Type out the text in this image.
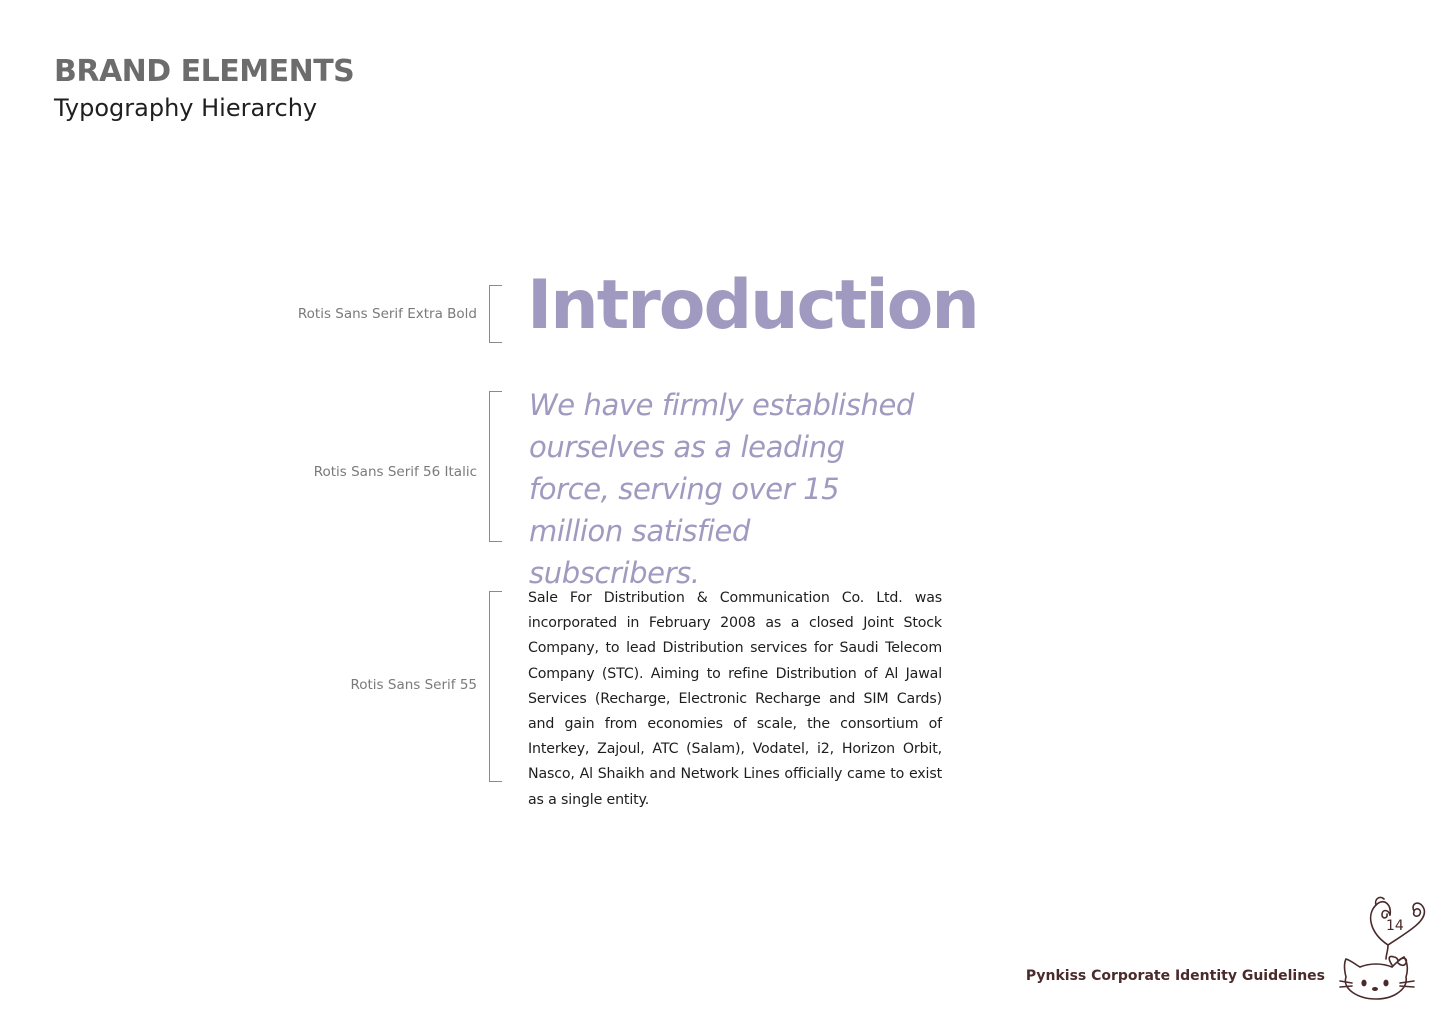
BRAND ELEMENTS
Typography Hierarchy
Rotis Sans Serif Extra Bold Introduction
Rotis Sans Serif 56 Italic
We have firmly established ourselves as a leading force, serving over 15 million satisfied subscribers.
Rotis Sans Serif 55
Sale For Distribution & Communication Co. Ltd. was incorporated in February 2008 as a closed Joint Stock Company, to lead Distribution services for Saudi Telecom Company (STC). Aiming to refine Distribution of Al Jawal Services (Recharge, Electronic Recharge and SIM Cards) and gain from economies of scale, the consortium of Interkey, Zajoul, ATC (Salam), Vodatel, i2, Horizon Orbit, Nasco, Al Shaikh and Network Lines officially came to exist as a single entity.
Pynkiss Corporate Identity Guidelines
14
